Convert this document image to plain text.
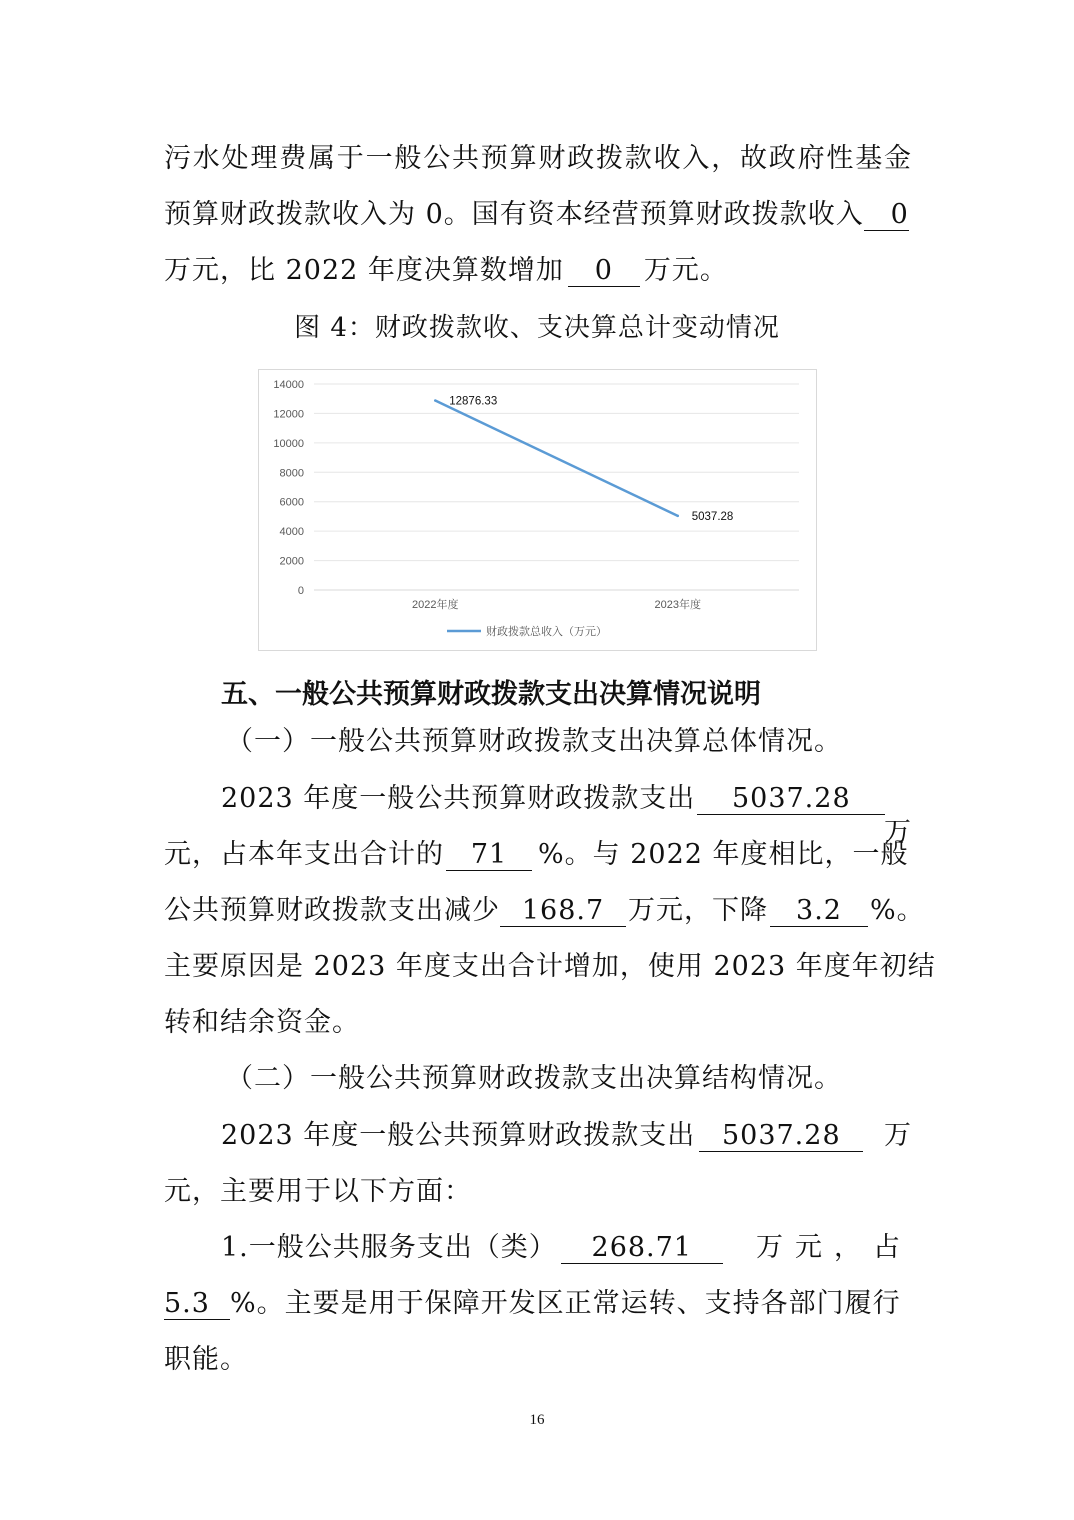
污水处理费属于一般公共预算财政拨款收入，故政府性基金
预算财政拨款收入为 0。国有资本经营预算财政拨款收入 0
万元，比 2022 年度决算数增加 0 万元。
图 4：财政拨款收、支决算总计变动情况
0
2000
4000
6000
8000
10000
12000
14000
2022年度	2023年度
12876.33
5037.28
财政拨款总收入（万元）
五、一般公共预算财政拨款支出决算情况说明
（一）一般公共预算财政拨款支出决算总体情况。
2023 年度一般公共预算财政拨款支出 5037.28
万
元，占本年支出合计的 71 %。与 2022 年度相比，一般
公共预算财政拨款支出减少 168.7 万元，下降 3.2 %。
主要原因是 2023 年度支出合计增加，使用 2023 年度年初结
转和结余资金。
（二）一般公共预算财政拨款支出决算结构情况。
2023 年度一般公共预算财政拨款支出 5037.28 万
元，主要用于以下方面：
1.一般公共服务支出（类） 268.71 万元，占
5.3 %。主要是用于保障开发区正常运转、支持各部门履行
职能。
16
